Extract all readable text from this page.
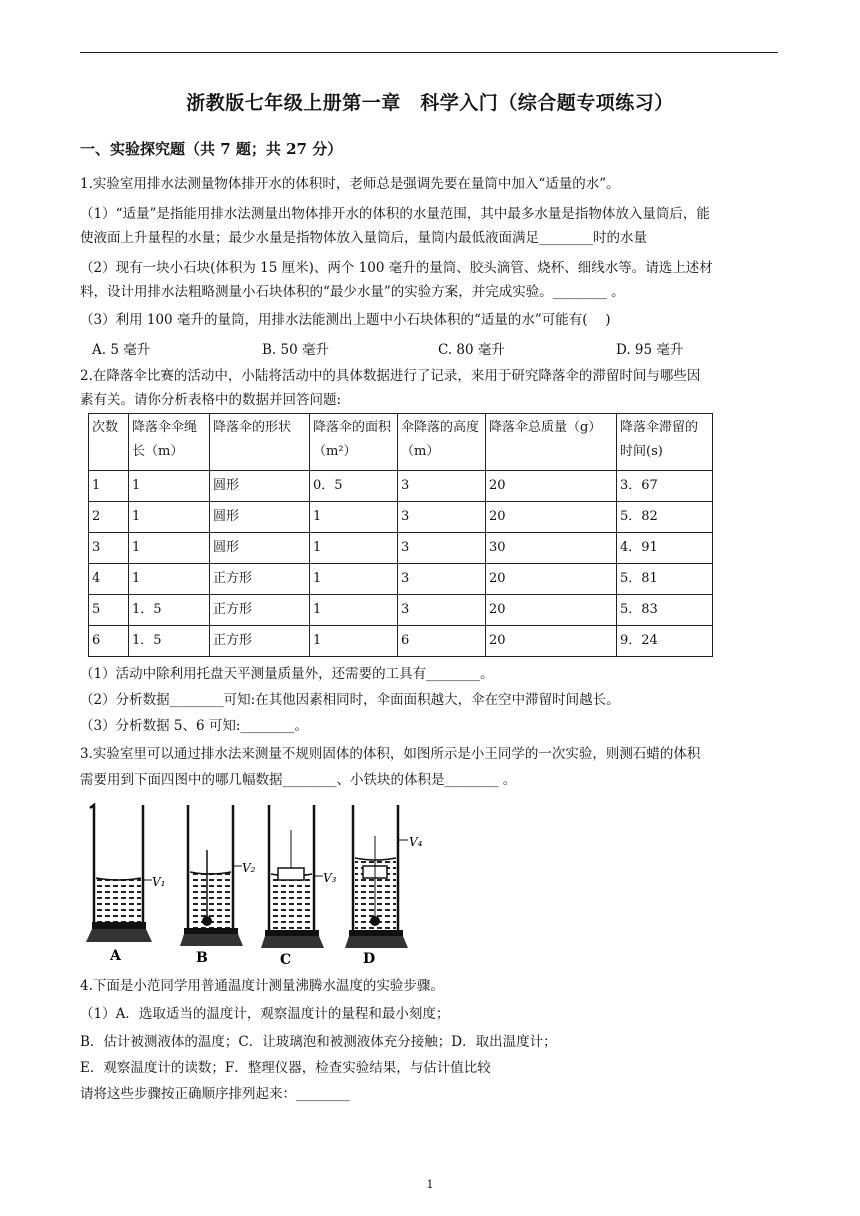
浙教版七年级上册第一章　科学入门（综合题专项练习）
一、实验探究题（共 7 题；共 27 分）
1.实验室用排水法测量物体排开水的体积时，老师总是强调先要在量筒中加入“适量的水”。
（1）“适量”是指能用排水法测量出物体排开水的体积的水量范围，其中最多水量是指物体放入量筒后，能
使液面上升量程的水量；最少水量是指物体放入量筒后，量筒内最低液面满足________时的水量
（2）现有一块小石块(体积为 15 厘米)、两个 100 毫升的量筒、胶头滴管、烧杯、细线水等。请选上述材
料，设计用排水法粗略测量小石块体积的“最少水量”的实验方案，并完成实验。________ 。
（3）利用 100 毫升的量筒，用排水法能测出上题中小石块体积的“适量的水”可能有(　 )
A. 5 毫升	B. 50 毫升	C. 80 毫升	D. 95 毫升
2.在降落伞比赛的活动中，小陆将活动中的具体数据进行了记录，来用于研究降落伞的滞留时间与哪些因
素有关。请你分析表格中的数据并回答问题:
次数	降落伞伞绳长（m）	降落伞的形状	降落伞的面积（m²）	伞降落的高度（m）	降落伞总质量（g）	降落伞滞留的时间(s)
1	1	圆形	0．5	3	20	3．67
2	1	圆形	1	3	20	5．82
3	1	圆形	1	3	30	4．91
4	1	正方形	1	3	20	5．81
5	1．5	正方形	1	3	20	5．83
6	1．5	正方形	1	6	20	9．24
（1）活动中除利用托盘天平测量质量外，还需要的工具有________。
（2）分析数据________可知:在其他因素相同时，伞面面积越大，伞在空中滞留时间越长。
（3）分析数据 5、6 可知:________。
3.实验室里可以通过排水法来测量不规则固体的体积，如图所示是小王同学的一次实验，则测石蜡的体积
需要用到下面四图中的哪几幅数据________、小铁块的体积是________ 。
V₁
A
V₂
B
V₃
C
V₄
D
4.下面是小范同学用普通温度计测量沸腾水温度的实验步骤。
（1）A．选取适当的温度计，观察温度计的量程和最小刻度；
B．估计被测液体的温度；C．让玻璃泡和被测液体充分接触；D．取出温度计；
E．观察温度计的读数；F．整理仪器，检查实验结果，与估计值比较
请将这些步骤按正确顺序排列起来：________
1
